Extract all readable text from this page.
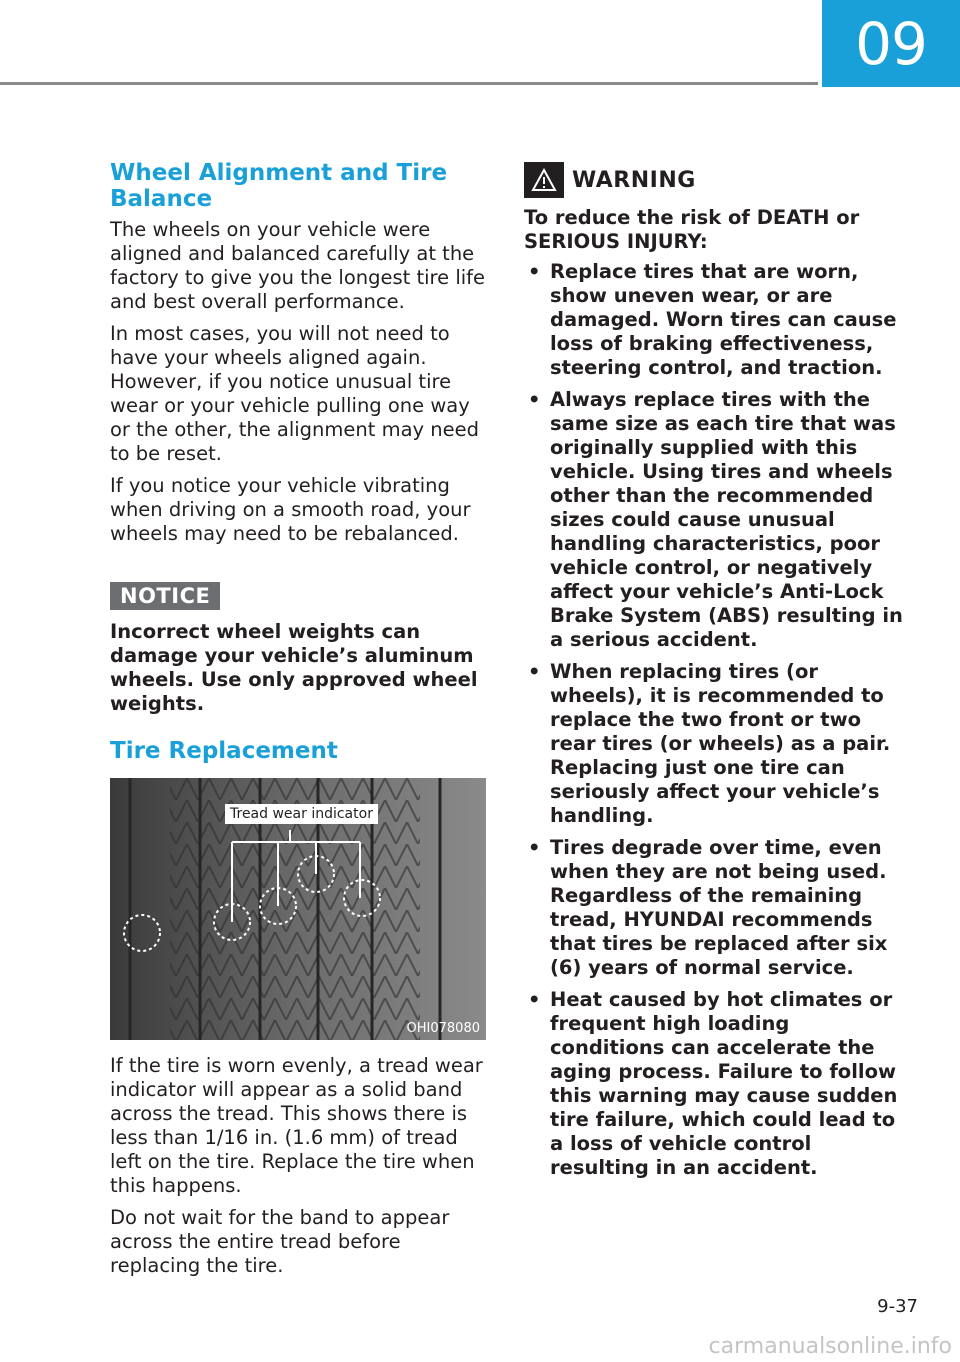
09
Wheel Alignment and Tire Balance

The wheels on your vehicle were aligned and balanced carefully at the factory to give you the longest tire life and best overall performance.

In most cases, you will not need to have your wheels aligned again. However, if you notice unusual tire wear or your vehicle pulling one way or the other, the alignment may need to be reset.

If you notice your vehicle vibrating when driving on a smooth road, your wheels may need to be rebalanced.

NOTICE

Incorrect wheel weights can damage your vehicle’s aluminum wheels. Use only approved wheel weights.

Tire Replacement
Tread wear indicator
OHI078080

If the tire is worn evenly, a tread wear indicator will appear as a solid band across the tread. This shows there is less than 1/16 in. (1.6 mm) of tread left on the tire. Replace the tire when this happens.

Do not wait for the band to appear across the entire tread before replacing the tire.

WARNING

To reduce the risk of DEATH or SERIOUS INJURY:

• Replace tires that are worn, show uneven wear, or are damaged. Worn tires can cause loss of braking effectiveness, steering control, and traction.
• Always replace tires with the same size as each tire that was originally supplied with this vehicle. Using tires and wheels other than the recommended sizes could cause unusual handling characteristics, poor vehicle control, or negatively affect your vehicle’s Anti-Lock Brake System (ABS) resulting in a serious accident.
• When replacing tires (or wheels), it is recommended to replace the two front or two rear tires (or wheels) as a pair. Replacing just one tire can seriously affect your vehicle’s handling.
• Tires degrade over time, even when they are not being used. Regardless of the remaining tread, HYUNDAI recommends that tires be replaced after six (6) years of normal service.
• Heat caused by hot climates or frequent high loading conditions can accelerate the aging process. Failure to follow this warning may cause sudden tire failure, which could lead to a loss of vehicle control resulting in an accident.
9-37
carmanualsonline.info
